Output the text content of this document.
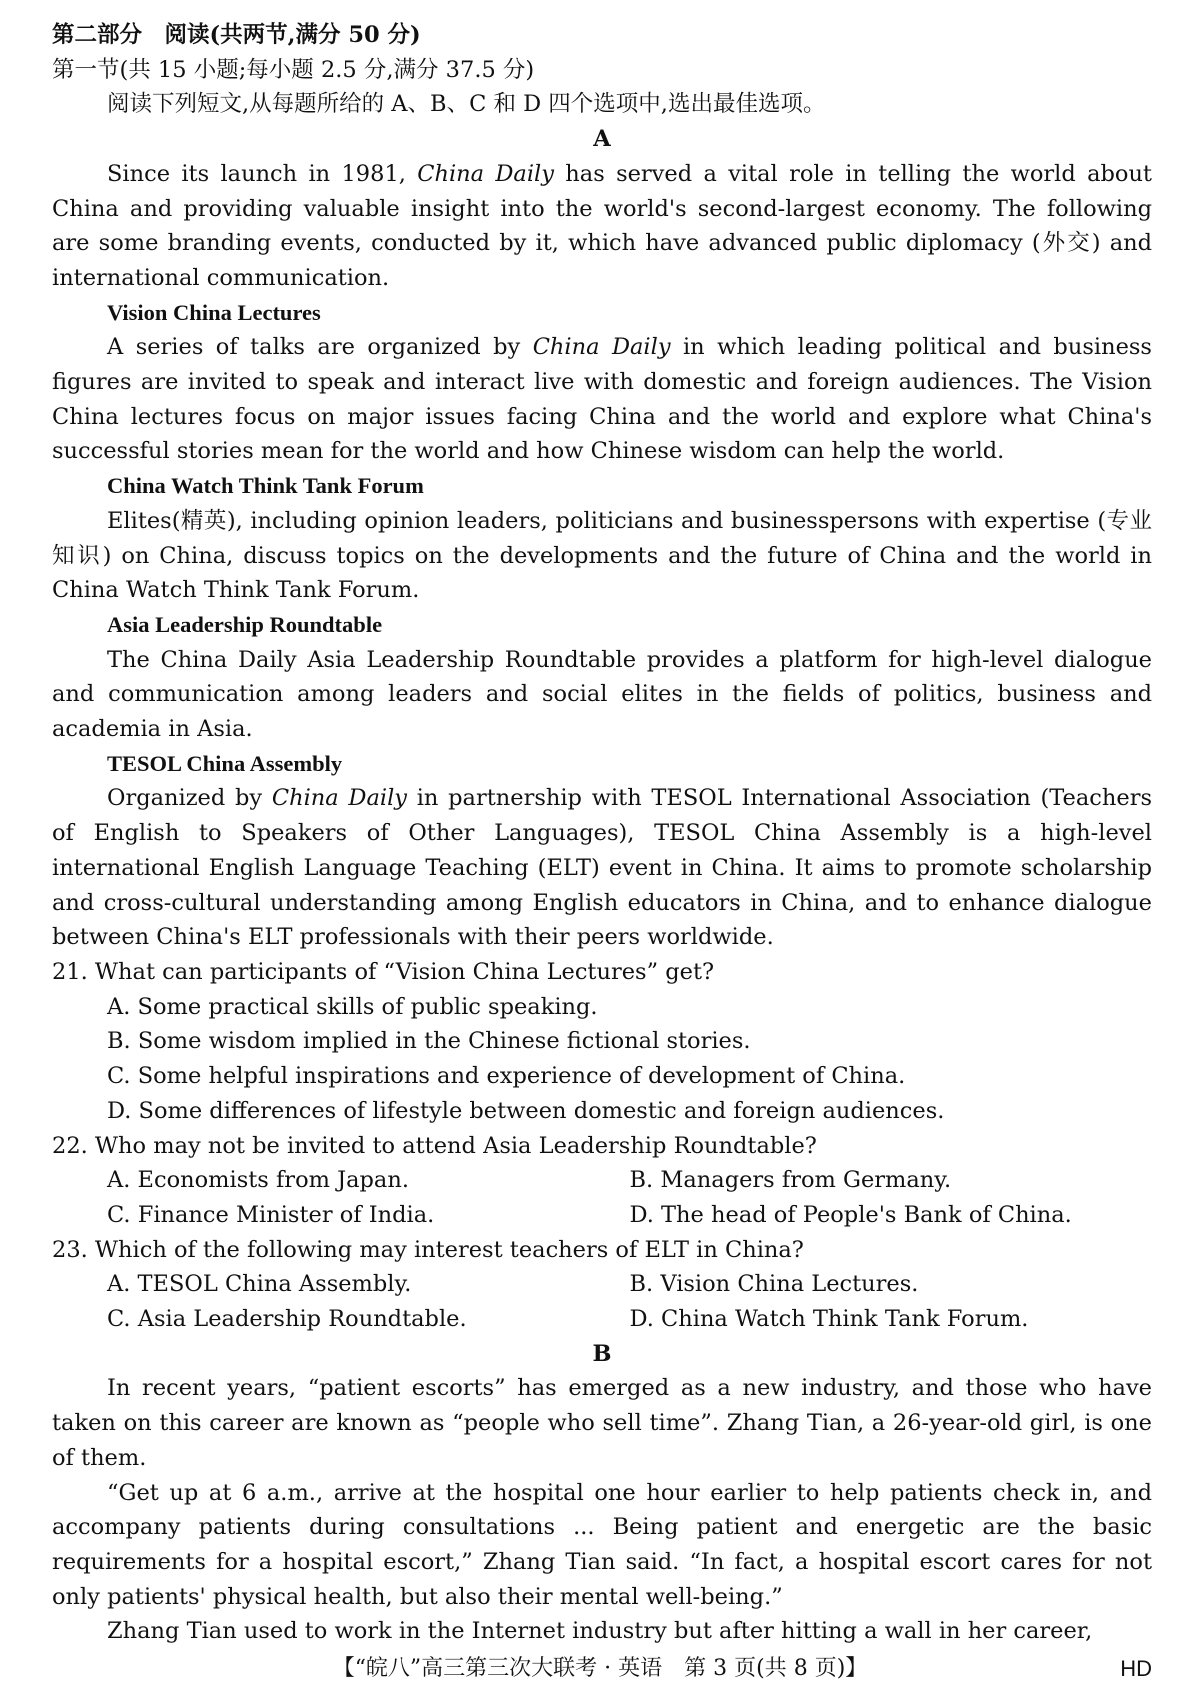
第二部分　阅读(共两节,满分 50 分)
第一节(共 15 小题;每小题 2.5 分,满分 37.5 分)
阅读下列短文,从每题所给的 A、B、C 和 D 四个选项中,选出最佳选项。
A

Since its launch in 1981, China Daily has served a vital role in telling the world about China and providing valuable insight into the world's second-largest economy. The following are some branding events, conducted by it, which have advanced public diplomacy (外交) and international communication.

Vision China Lectures

A series of talks are organized by China Daily in which leading political and business figures are invited to speak and interact live with domestic and foreign audiences. The Vision China lectures focus on major issues facing China and the world and explore what China's successful stories mean for the world and how Chinese wisdom can help the world.

China Watch Think Tank Forum

Elites(精英), including opinion leaders, politicians and businesspersons with expertise (专业知识) on China, discuss topics on the developments and the future of China and the world in China Watch Think Tank Forum.

Asia Leadership Roundtable

The China Daily Asia Leadership Roundtable provides a platform for high-level dialogue and communication among leaders and social elites in the fields of politics, business and academia in Asia.

TESOL China Assembly

Organized by China Daily in partnership with TESOL International Association (Teachers of English to Speakers of Other Languages), TESOL China Assembly is a high-level international English Language Teaching (ELT) event in China. It aims to promote scholarship and cross-cultural understanding among English educators in China, and to enhance dialogue between China's ELT professionals with their peers worldwide.

21. What can participants of “Vision China Lectures” get?
A. Some practical skills of public speaking.
B. Some wisdom implied in the Chinese fictional stories.
C. Some helpful inspirations and experience of development of China.
D. Some differences of lifestyle between domestic and foreign audiences.
22. Who may not be invited to attend Asia Leadership Roundtable?
A. Economists from Japan.	B. Managers from Germany.
C. Finance Minister of India.	D. The head of People's Bank of China.
23. Which of the following may interest teachers of ELT in China?
A. TESOL China Assembly.	B. Vision China Lectures.
C. Asia Leadership Roundtable.	D. China Watch Think Tank Forum.
B

In recent years, “patient escorts” has emerged as a new industry, and those who have taken on this career are known as “people who sell time”. Zhang Tian, a 26-year-old girl, is one of them.

“Get up at 6 a.m., arrive at the hospital one hour earlier to help patients check in, and accompany patients during consultations ... Being patient and energetic are the basic requirements for a hospital escort,” Zhang Tian said. “In fact, a hospital escort cares for not only patients' physical health, but also their mental well-being.”

Zhang Tian used to work in the Internet industry but after hitting a wall in her career,

【“皖八”高三第三次大联考 · 英语　第 3 页(共 8 页)】	HD
